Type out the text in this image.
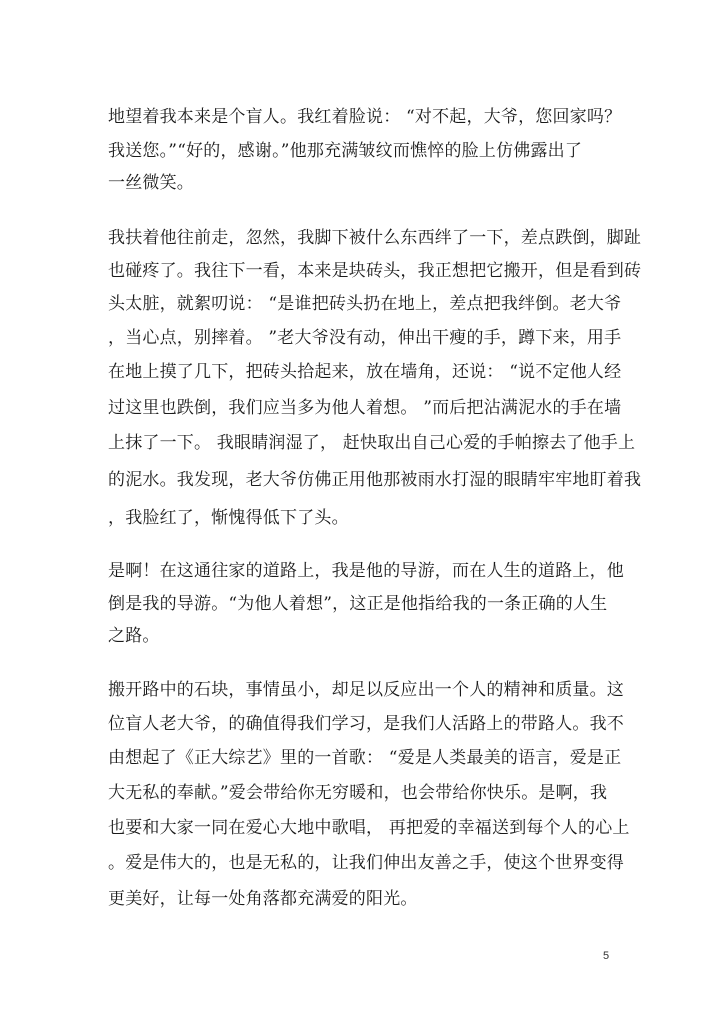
地望着我本来是个盲人。我红着脸说： “对不起，大爷，您回家吗？
我送您。”“好的，感谢。”他那充满皱纹而憔悴的脸上仿佛露出了
一丝微笑。
我扶着他往前走，忽然，我脚下被什么东西绊了一下，差点跌倒，脚趾
也碰疼了。我往下一看，本来是块砖头，我正想把它搬开，但是看到砖
头太脏，就絮叨说： “是谁把砖头扔在地上，差点把我绊倒。老大爷
，当心点，别摔着。 ”老大爷没有动，伸出干瘦的手，蹲下来，用手
在地上摸了几下，把砖头拾起来，放在墙角，还说： “说不定他人经
过这里也跌倒，我们应当多为他人着想。 ”而后把沾满泥水的手在墙
上抹了一下。 我眼睛润湿了， 赶快取出自己心爱的手帕擦去了他手上
的泥水。我发现，老大爷仿佛正用他那被雨水打湿的眼睛牢牢地盯着我
，我脸红了，惭愧得低下了头。
是啊！在这通往家的道路上，我是他的导游，而在人生的道路上，他
倒是我的导游。“为他人着想”，这正是他指给我的一条正确的人生
之路。
搬开路中的石块，事情虽小，却足以反应出一个人的精神和质量。这
位盲人老大爷，的确值得我们学习，是我们人活路上的带路人。我不
由想起了《正大综艺》里的一首歌： “爱是人类最美的语言，爱是正
大无私的奉献。”爱会带给你无穷暖和，也会带给你快乐。是啊，我
也要和大家一同在爱心大地中歌唱， 再把爱的幸福送到每个人的心上
。爱是伟大的，也是无私的，让我们伸出友善之手，使这个世界变得
更美好，让每一处角落都充满爱的阳光。
5
